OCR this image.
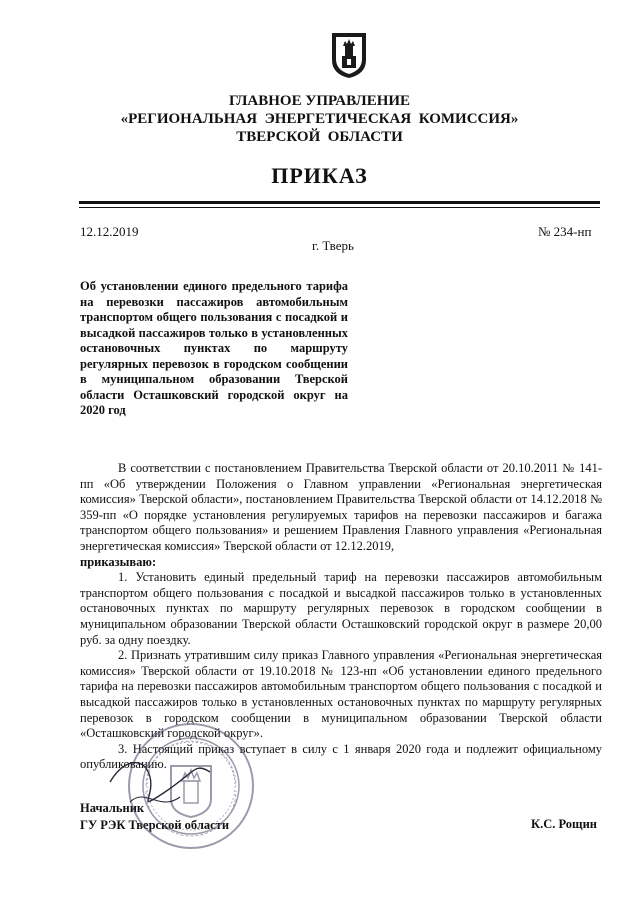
ГЛАВНОЕ УПРАВЛЕНИЕ
«РЕГИОНАЛЬНАЯ  ЭНЕРГЕТИЧЕСКАЯ  КОМИССИЯ»
ТВЕРСКОЙ  ОБЛАСТИ
ПРИКАЗ
12.12.2019	№ 234-нп
г. Тверь
Об установлении единого предельного тарифа на перевозки пассажиров автомобильным транспортом общего пользования с посадкой и высадкой пассажиров только в установленных остановочных пунктах по маршруту регулярных перевозок в городском сообщении в муниципальном образовании Тверской области Осташковский городской округ на 2020 год

В соответствии с постановлением Правительства Тверской области от 20.10.2011 № 141-пп «Об утверждении Положения о Главном управлении «Региональная энергетическая комиссия» Тверской области», постановлением Правительства Тверской области от 14.12.2018 № 359-пп «О порядке установления регулируемых тарифов на перевозки пассажиров и багажа транспортом общего пользования» и решением Правления Главного управления «Региональная энергетическая комиссия» Тверской области от 12.12.2019,

приказываю:

1. Установить единый предельный тариф на перевозки пассажиров автомобильным транспортом общего пользования с посадкой и высадкой пассажиров только в установленных остановочных пунктах по маршруту регулярных перевозок в городском сообщении в муниципальном образовании Тверской области Осташковский городской округ в размере 20,00 руб. за одну поездку.

2. Признать утратившим силу приказ Главного управления «Региональная энергетическая комиссия» Тверской области от 19.10.2018 № 123-нп «Об установлении единого предельного тарифа на перевозки пассажиров автомобильным транспортом общего пользования с посадкой и высадкой пассажиров только в установленных остановочных пунктах по маршруту регулярных перевозок в городском сообщении в муниципальном образовании Тверской области «Осташковский городской округ».

3. Настоящий приказ вступает в силу с 1 января 2020 года и подлежит официальному опубликованию.

Начальник
ГУ РЭК Тверской области	К.С. Рощин
